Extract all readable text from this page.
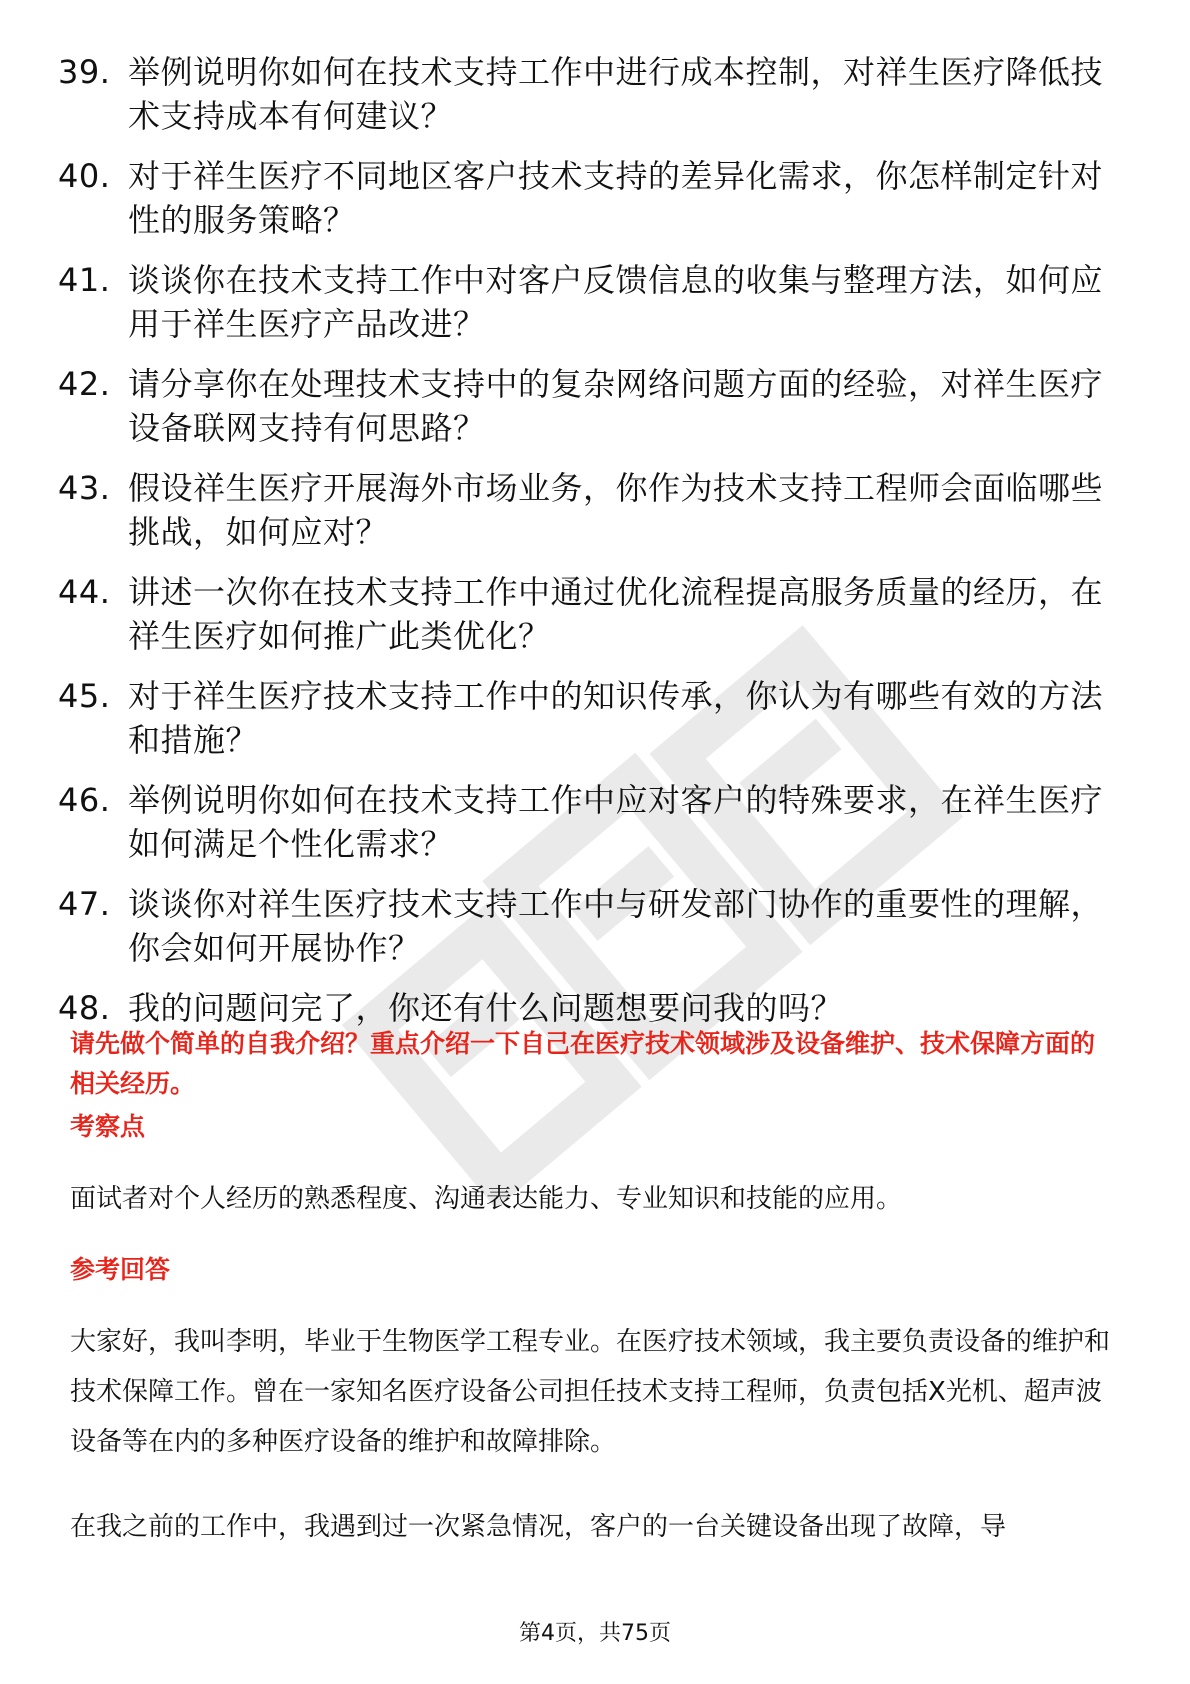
39. 举例说明你如何在技术支持工作中进行成本控制，对祥生医疗降低技术支持成本有何建议？
40. 对于祥生医疗不同地区客户技术支持的差异化需求，你怎样制定针对性的服务策略？
41. 谈谈你在技术支持工作中对客户反馈信息的收集与整理方法，如何应用于祥生医疗产品改进？
42. 请分享你在处理技术支持中的复杂网络问题方面的经验，对祥生医疗设备联网支持有何思路？
43. 假设祥生医疗开展海外市场业务，你作为技术支持工程师会面临哪些挑战，如何应对？
44. 讲述一次你在技术支持工作中通过优化流程提高服务质量的经历，在祥生医疗如何推广此类优化？
45. 对于祥生医疗技术支持工作中的知识传承，你认为有哪些有效的方法和措施？
46. 举例说明你如何在技术支持工作中应对客户的特殊要求，在祥生医疗如何满足个性化需求？
47. 谈谈你对祥生医疗技术支持工作中与研发部门协作的重要性的理解，你会如何开展协作？
48. 我的问题问完了，你还有什么问题想要问我的吗？

请先做个简单的自我介绍？重点介绍一下自己在医疗技术领域涉及设备维护、技术保障方面的相关经历。

考察点

面试者对个人经历的熟悉程度、沟通表达能力、专业知识和技能的应用。

参考回答

大家好，我叫李明，毕业于生物医学工程专业。在医疗技术领域，我主要负责设备的维护和技术保障工作。曾在一家知名医疗设备公司担任技术支持工程师，负责包括X光机、超声波设备等在内的多种医疗设备的维护和故障排除。

在我之前的工作中，我遇到过一次紧急情况，客户的一台关键设备出现了故障，导

第4页，共75页
